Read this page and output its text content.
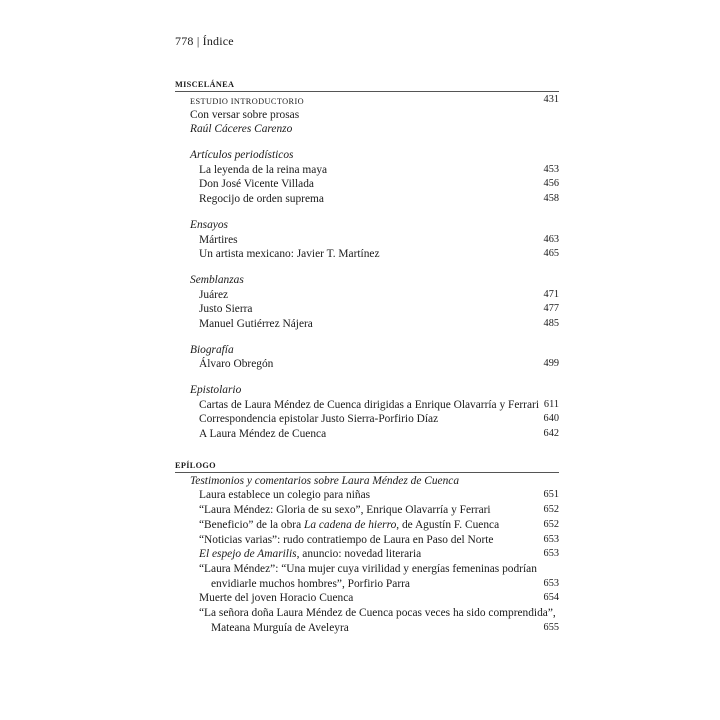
778 | Índice
MISCELÁNEA
ESTUDIO INTRODUCTORIO	431
Con versar sobre prosas
Raúl Cáceres Carenzo
Artículos periodísticos
La leyenda de la reina maya	453
Don José Vicente Villada	456
Regocijo de orden suprema	458
Ensayos
Mártires	463
Un artista mexicano: Javier T. Martínez	465
Semblanzas
Juárez	471
Justo Sierra	477
Manuel Gutiérrez Nájera	485
Biografía
Álvaro Obregón	499
Epistolario
Cartas de Laura Méndez de Cuenca dirigidas a Enrique Olavarría y Ferrari 611
Correspondencia epistolar Justo Sierra-Porfirio Díaz	640
A Laura Méndez de Cuenca	642
EPÍLOGO
Testimonios y comentarios sobre Laura Méndez de Cuenca
Laura establece un colegio para niñas	651
“Laura Méndez: Gloria de su sexo”, Enrique Olavarría y Ferrari	652
“Beneficio” de la obra La cadena de hierro, de Agustín F. Cuenca	652
“Noticias varias”: rudo contratiempo de Laura en Paso del Norte	653
El espejo de Amarilis, anuncio: novedad literaria	653
“Laura Méndez”: “Una mujer cuya virilidad y energías femeninas podrían
envidiarle muchos hombres”, Porfirio Parra	653
Muerte del joven Horacio Cuenca	654
“La señora doña Laura Méndez de Cuenca pocas veces ha sido comprendida”,
Mateana Murguía de Aveleyra	655
